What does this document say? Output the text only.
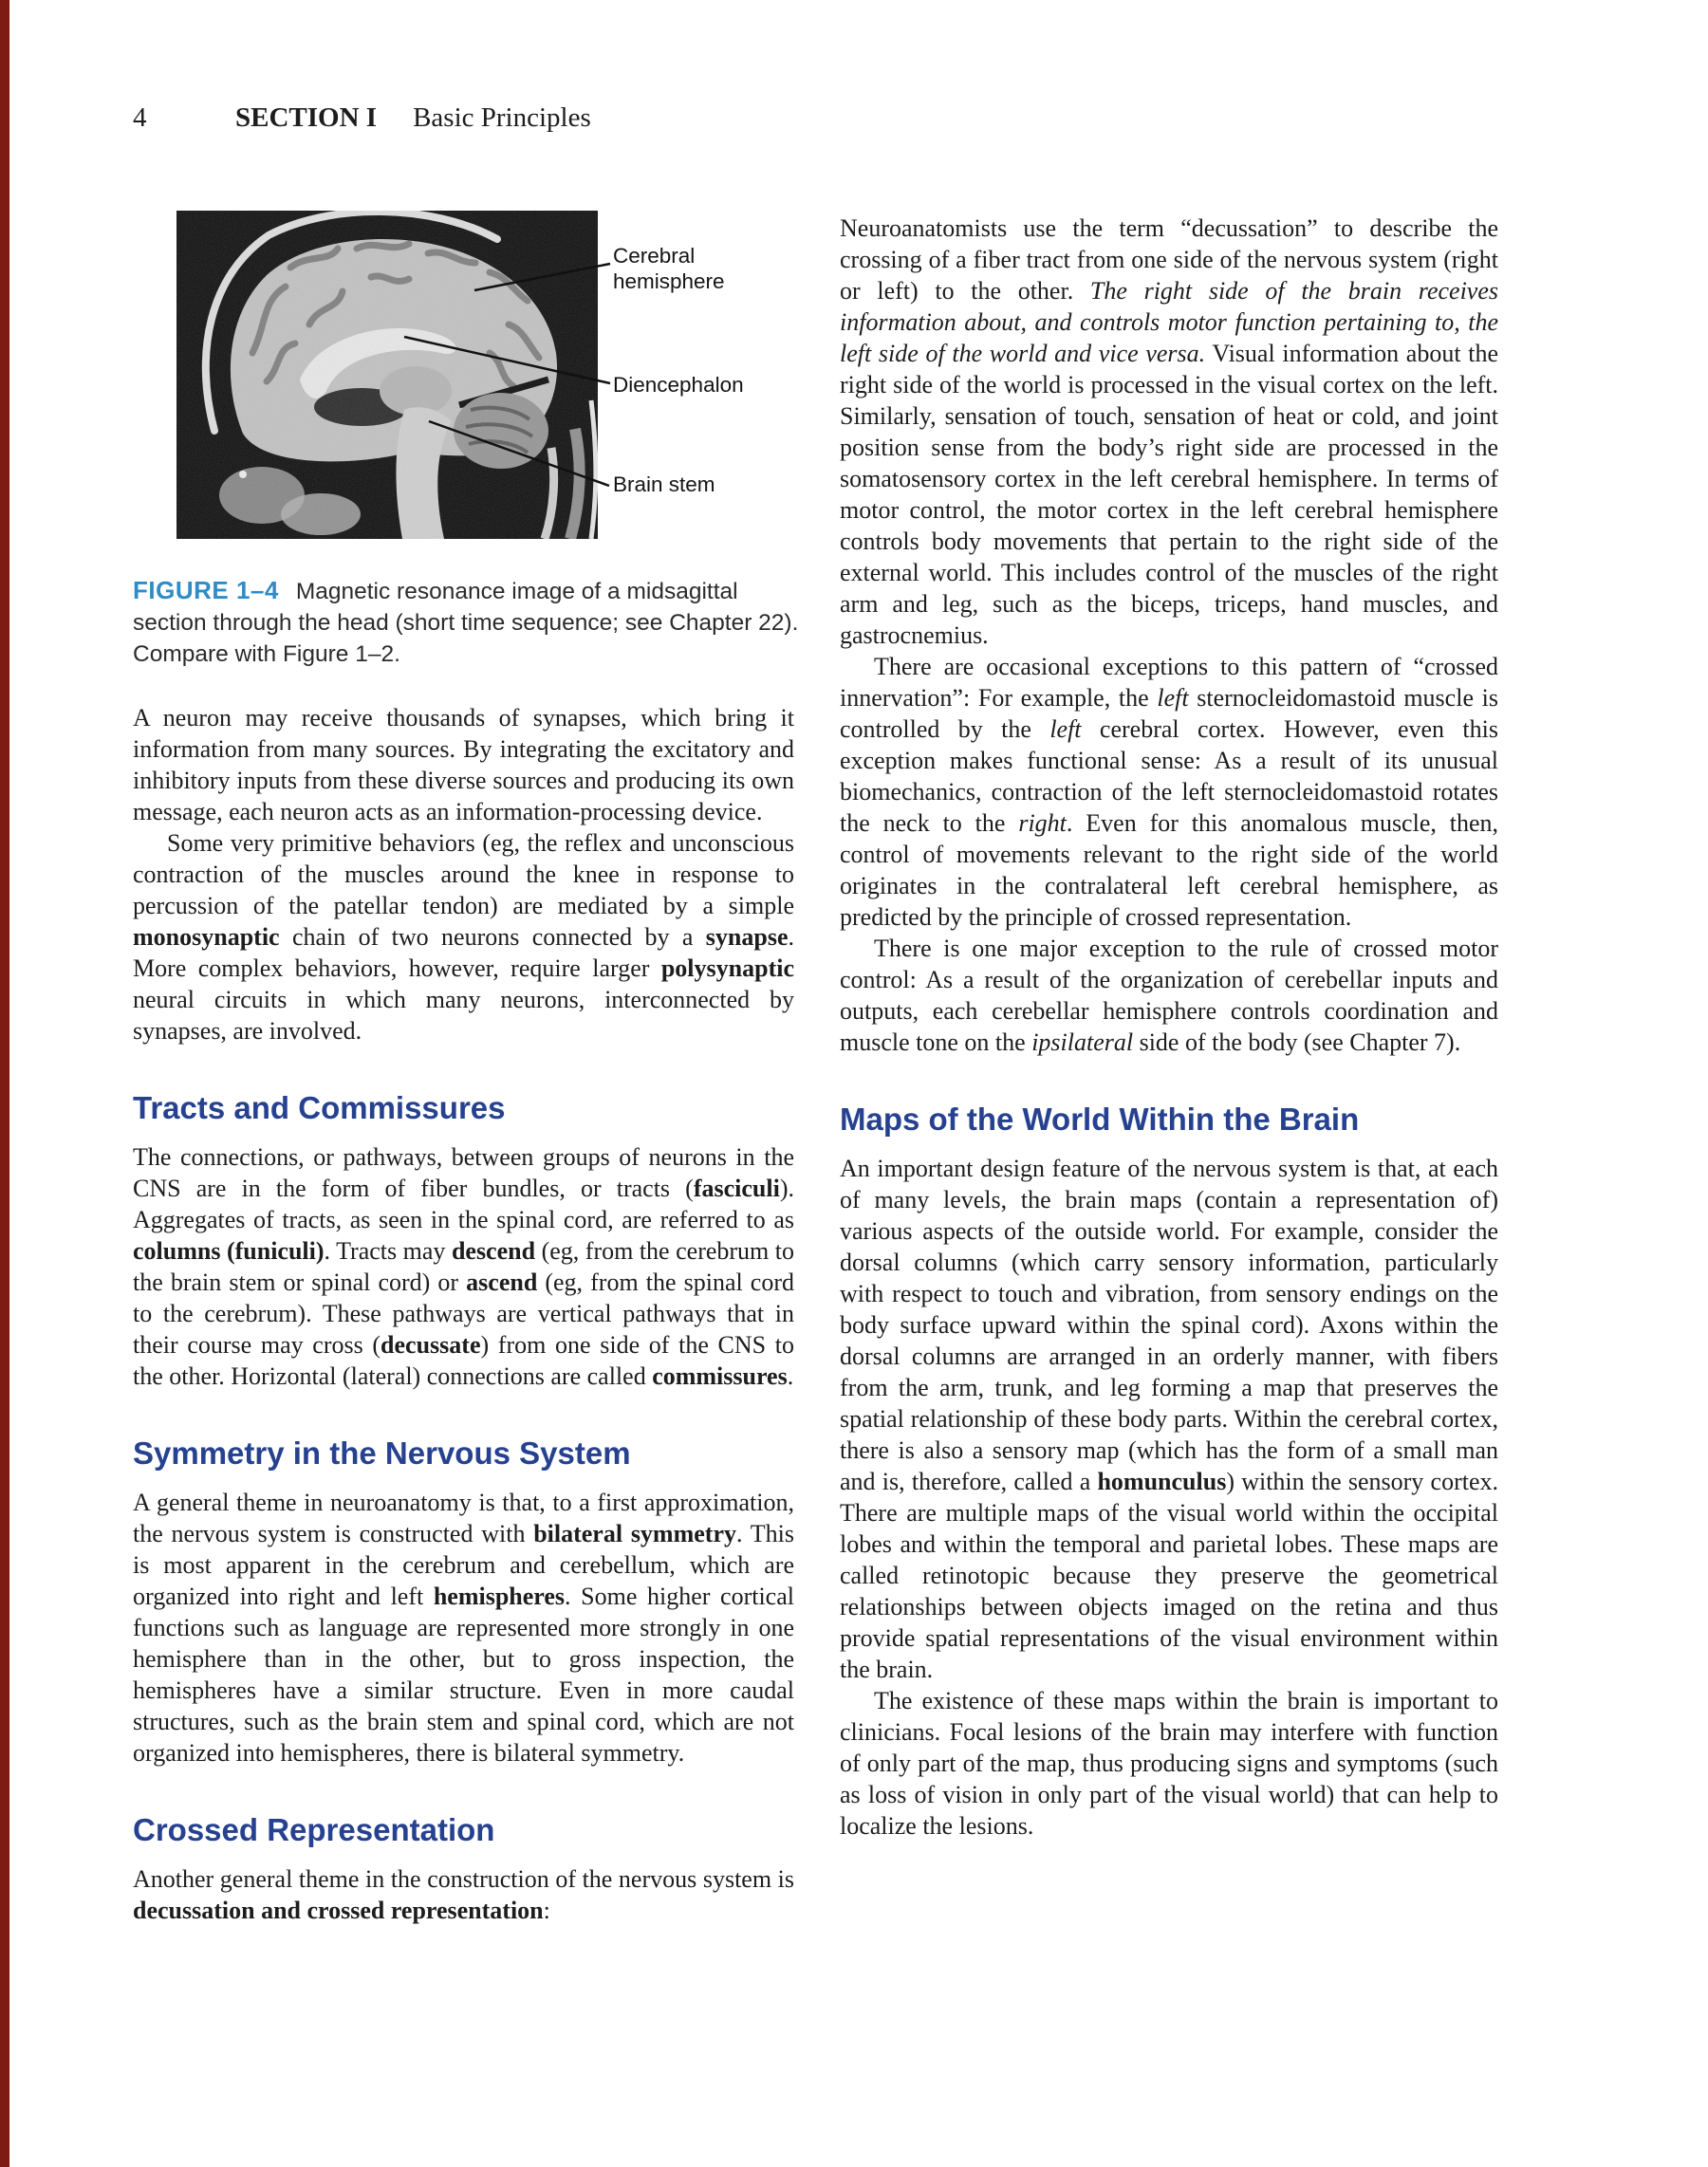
4	SECTION I Basic Principles
Cerebral hemisphere
Diencephalon
Brain stem
FIGURE 1–4 Magnetic resonance image of a midsagittal section through the head (short time sequence; see Chapter 22). Compare with Figure 1–2.

A neuron may receive thousands of synapses, which bring it information from many sources. By integrating the excitatory and inhibitory inputs from these diverse sources and producing its own message, each neuron acts as an information-processing device.

Some very primitive behaviors (eg, the reflex and unconscious contraction of the muscles around the knee in response to percussion of the patellar tendon) are mediated by a simple monosynaptic chain of two neurons connected by a synapse. More complex behaviors, however, require larger polysynaptic neural circuits in which many neurons, interconnected by synapses, are involved.

Tracts and Commissures

The connections, or pathways, between groups of neurons in the CNS are in the form of fiber bundles, or tracts (fasciculi). Aggregates of tracts, as seen in the spinal cord, are referred to as columns (funiculi). Tracts may descend (eg, from the cerebrum to the brain stem or spinal cord) or ascend (eg, from the spinal cord to the cerebrum). These pathways are vertical pathways that in their course may cross (decussate) from one side of the CNS to the other. Horizontal (lateral) connections are called commissures.

Symmetry in the Nervous System

A general theme in neuroanatomy is that, to a first approximation, the nervous system is constructed with bilateral symmetry. This is most apparent in the cerebrum and cerebellum, which are organized into right and left hemispheres. Some higher cortical functions such as language are represented more strongly in one hemisphere than in the other, but to gross inspection, the hemispheres have a similar structure. Even in more caudal structures, such as the brain stem and spinal cord, which are not organized into hemispheres, there is bilateral symmetry.

Crossed Representation

Another general theme in the construction of the nervous system is decussation and crossed representation:

Neuroanatomists use the term “decussation” to describe the crossing of a fiber tract from one side of the nervous system (right or left) to the other. The right side of the brain receives information about, and controls motor function pertaining to, the left side of the world and vice versa. Visual information about the right side of the world is processed in the visual cortex on the left. Similarly, sensation of touch, sensation of heat or cold, and joint position sense from the body’s right side are processed in the somatosensory cortex in the left cerebral hemisphere. In terms of motor control, the motor cortex in the left cerebral hemisphere controls body movements that pertain to the right side of the external world. This includes control of the muscles of the right arm and leg, such as the biceps, triceps, hand muscles, and gastrocnemius.

There are occasional exceptions to this pattern of “crossed innervation”: For example, the left sternocleidomastoid muscle is controlled by the left cerebral cortex. However, even this exception makes functional sense: As a result of its unusual biomechanics, contraction of the left sternocleidomastoid rotates the neck to the right. Even for this anomalous muscle, then, control of movements relevant to the right side of the world originates in the contralateral left cerebral hemisphere, as predicted by the principle of crossed representation.

There is one major exception to the rule of crossed motor control: As a result of the organization of cerebellar inputs and outputs, each cerebellar hemisphere controls coordination and muscle tone on the ipsilateral side of the body (see Chapter 7).

Maps of the World Within the Brain

An important design feature of the nervous system is that, at each of many levels, the brain maps (contain a representation of) various aspects of the outside world. For example, consider the dorsal columns (which carry sensory information, particularly with respect to touch and vibration, from sensory endings on the body surface upward within the spinal cord). Axons within the dorsal columns are arranged in an orderly manner, with fibers from the arm, trunk, and leg forming a map that preserves the spatial relationship of these body parts. Within the cerebral cortex, there is also a sensory map (which has the form of a small man and is, therefore, called a homunculus) within the sensory cortex. There are multiple maps of the visual world within the occipital lobes and within the temporal and parietal lobes. These maps are called retinotopic because they preserve the geometrical relationships between objects imaged on the retina and thus provide spatial representations of the visual environment within the brain.

The existence of these maps within the brain is important to clinicians. Focal lesions of the brain may interfere with function of only part of the map, thus producing signs and symptoms (such as loss of vision in only part of the visual world) that can help to localize the lesions.
